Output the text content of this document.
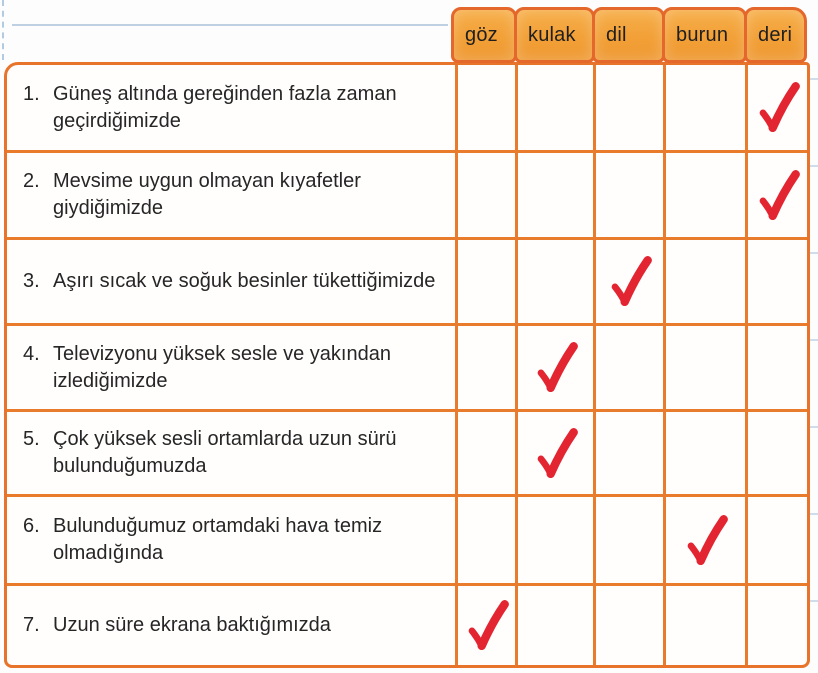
göz kulak dil burun deri
1. Güneş altında gereğinden fazla zaman geçirdiğimizde
2. Mevsime uygun olmayan kıyafetler giydiğimizde
3. Aşırı sıcak ve soğuk besinler tükettiğimizde
4. Televizyonu yüksek sesle ve yakından izlediğimizde
5. Çok yüksek sesli ortamlarda uzun sürü bulunduğumuzda
6. Bulunduğumuz ortamdaki hava temiz olmadığında
7. Uzun süre ekrana baktığımızda
